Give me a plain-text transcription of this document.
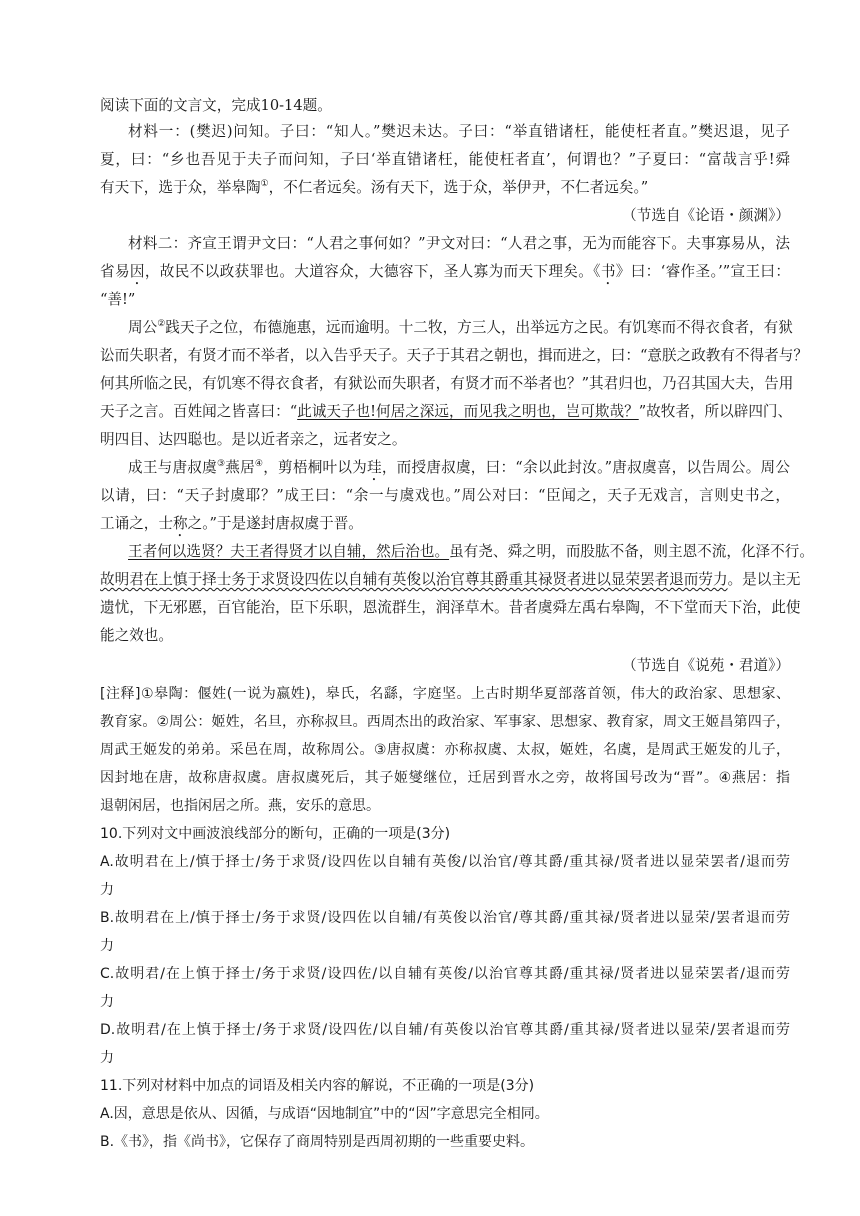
阅读下面的文言文，完成10-14题。
材料一：(樊迟)问知。子曰：“知人。”樊迟未达。子曰：“举直错诸枉，能使枉者直。”樊迟退，见子
夏，曰：“乡也吾见于夫子而问知，子曰‘举直错诸枉，能使枉者直’，何谓也？”子夏曰：“富哉言乎!舜
有天下，选于众，举皋陶①，不仁者远矣。汤有天下，选于众，举伊尹，不仁者远矣。”
（节选自《论语・颜渊》）
材料二：齐宣王谓尹文曰：“人君之事何如？”尹文对曰：“人君之事，无为而能容下。夫事寡易从，法
省易因，故民不以政获罪也。大道容众，大德容下，圣人寡为而天下理矣。《书》曰：‘睿作圣。’”宣王曰：
“善!”
周公②践天子之位，布德施惠，远而逾明。十二牧，方三人，出举远方之民。有饥寒而不得衣食者，有狱
讼而失职者，有贤才而不举者，以入告乎天子。天子于其君之朝也，揖而进之，曰：“意朕之政教有不得者与？
何其所临之民，有饥寒不得衣食者，有狱讼而失职者，有贤才而不举者也？”其君归也，乃召其国大夫，告用
天子之言。百姓闻之皆喜曰：“此诚天子也!何居之深远，而见我之明也，岂可欺哉？”故牧者，所以辟四门、
明四目、达四聪也。是以近者亲之，远者安之。
成王与唐叔虞③燕居④，剪梧桐叶以为珪，而授唐叔虞，曰：“余以此封汝。”唐叔虞喜，以告周公。周公
以请，曰：“天子封虞耶？”成王曰：“余一与虞戏也。”周公对曰：“臣闻之，天子无戏言，言则史书之，
工诵之，士称之。”于是遂封唐叔虞于晋。
王者何以选贤？夫王者得贤才以自辅，然后治也。虽有尧、舜之明，而股肱不备，则主恩不流，化泽不行。
故明君在上慎于择士务于求贤设四佐以自辅有英俊以治官尊其爵重其禄贤者进以显荣罢者退而劳力。是以主无
遗忧，下无邪慝，百官能治，臣下乐职，恩流群生，润泽草木。昔者虞舜左禹右皋陶，不下堂而天下治，此使
能之效也。
（节选自《说苑・君道》）
[注释]①皋陶：偃姓(一说为嬴姓)，皋氏，名繇，字庭坚。上古时期华夏部落首领，伟大的政治家、思想家、
教育家。②周公：姬姓，名旦，亦称叔旦。西周杰出的政治家、军事家、思想家、教育家，周文王姬昌第四子，
周武王姬发的弟弟。采邑在周，故称周公。③唐叔虞：亦称叔虞、太叔，姬姓，名虞，是周武王姬发的儿子，
因封地在唐，故称唐叔虞。唐叔虞死后，其子姬燮继位，迁居到晋水之旁，故将国号改为“晋”。④燕居：指
退朝闲居，也指闲居之所。燕，安乐的意思。
10.下列对文中画波浪线部分的断句，正确的一项是(3分)
A.故明君在上/慎于择士/务于求贤/设四佐以自辅有英俊/以治官/尊其爵/重其禄/贤者进以显荣罢者/退而劳
力
B.故明君在上/慎于择士/务于求贤/设四佐以自辅/有英俊以治官/尊其爵/重其禄/贤者进以显荣/罢者退而劳
力
C.故明君/在上慎于择士/务于求贤/设四佐/以自辅有英俊/以治官尊其爵/重其禄/贤者进以显荣罢者/退而劳
力
D.故明君/在上慎于择士/务于求贤/设四佐/以自辅/有英俊以治官尊其爵/重其禄/贤者进以显荣/罢者退而劳
力
11.下列对材料中加点的词语及相关内容的解说，不正确的一项是(3分)
A.因，意思是依从、因循，与成语“因地制宜”中的“因”字意思完全相同。
B.《书》，指《尚书》，它保存了商周特别是西周初期的一些重要史料。
